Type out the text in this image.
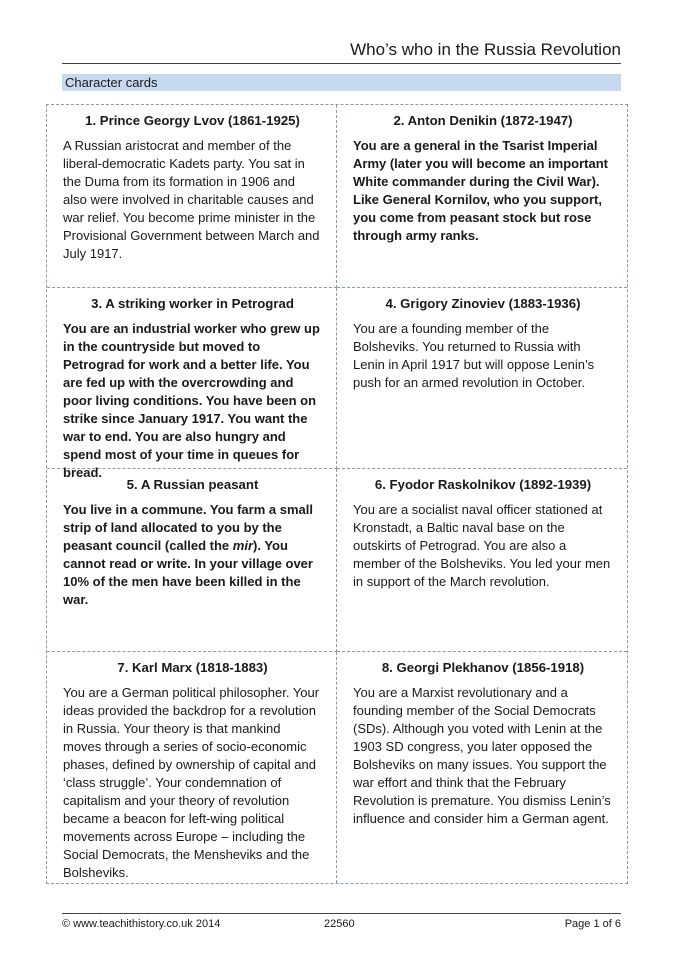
Who’s who in the Russia Revolution
Character cards
1. Prince Georgy Lvov (1861-1925)

A Russian aristocrat and member of the liberal-democratic Kadets party. You sat in the Duma from its formation in 1906 and also were involved in charitable causes and war relief. You become prime minister in the Provisional Government between March and July 1917.

2. Anton Denikin (1872-1947)

You are a general in the Tsarist Imperial Army (later you will become an important White commander during the Civil War). Like General Kornilov, who you support, you come from peasant stock but rose through army ranks.

3. A striking worker in Petrograd

You are an industrial worker who grew up in the countryside but moved to Petrograd for work and a better life. You are fed up with the overcrowding and poor living conditions. You have been on strike since January 1917. You want the war to end. You are also hungry and spend most of your time in queues for bread.

4. Grigory Zinoviev (1883-1936)

You are a founding member of the Bolsheviks. You returned to Russia with Lenin in April 1917 but will oppose Lenin’s push for an armed revolution in October.

5. A Russian peasant

You live in a commune. You farm a small strip of land allocated to you by the peasant council (called the mir). You cannot read or write. In your village over 10% of the men have been killed in the war.

6. Fyodor Raskolnikov (1892-1939)

You are a socialist naval officer stationed at Kronstadt, a Baltic naval base on the outskirts of Petrograd. You are also a member of the Bolsheviks. You led your men in support of the March revolution.

7. Karl Marx (1818-1883)

You are a German political philosopher. Your ideas provided the backdrop for a revolution in Russia. Your theory is that mankind moves through a series of socio-economic phases, defined by ownership of capital and ‘class struggle’. Your condemnation of capitalism and your theory of revolution became a beacon for left-wing political movements across Europe – including the Social Democrats, the Mensheviks and the Bolsheviks.

8. Georgi Plekhanov (1856-1918)

You are a Marxist revolutionary and a founding member of the Social Democrats (SDs). Although you voted with Lenin at the 1903 SD congress, you later opposed the Bolsheviks on many issues. You support the war effort and think that the February Revolution is premature. You dismiss Lenin’s influence and consider him a German agent.

© www.teachithistory.co.uk 2014	22560	Page 1 of 6
